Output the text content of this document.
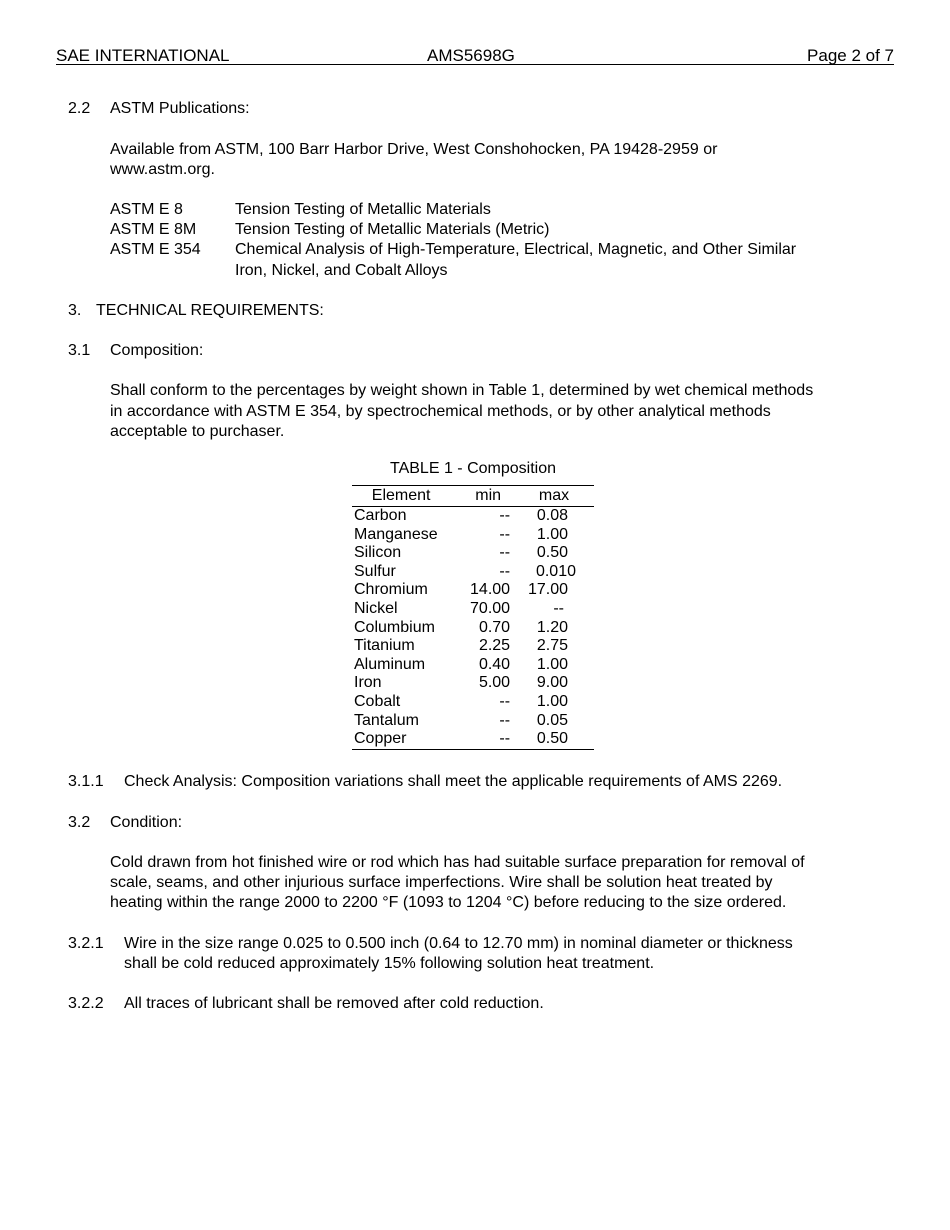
SAE INTERNATIONAL	AMS5698G	Page 2 of 7
2.2 ASTM Publications:
Available from ASTM, 100 Barr Harbor Drive, West Conshohocken, PA 19428-2959 or
www.astm.org.
ASTM E 8	Tension Testing of Metallic Materials
ASTM E 8M Tension Testing of Metallic Materials (Metric)
ASTM E 354 Chemical Analysis of High-Temperature, Electrical, Magnetic, and Other Similar
Iron, Nickel, and Cobalt Alloys
3. TECHNICAL REQUIREMENTS:
3.1 Composition:
Shall conform to the percentages by weight shown in Table 1, determined by wet chemical methods
in accordance with ASTM E 354, by spectrochemical methods, or by other analytical methods
acceptable to purchaser.
TABLE 1 - Composition
Element	min	max
Carbon	--	0.08
Manganese	--	1.00
Silicon	--	0.50
Sulfur	--	0.010
Chromium	14.00	17.00
Nickel	70.00	--
Columbium	0.70	1.20
Titanium	2.25	2.75
Aluminum	0.40	1.00
Iron	5.00	9.00
Cobalt	--	1.00
Tantalum	--	0.05
Copper	--	0.50
3.1.1 Check Analysis: Composition variations shall meet the applicable requirements of AMS 2269.
3.2 Condition:
Cold drawn from hot finished wire or rod which has had suitable surface preparation for removal of
scale, seams, and other injurious surface imperfections. Wire shall be solution heat treated by
heating within the range 2000 to 2200 °F (1093 to 1204 °C) before reducing to the size ordered.
3.2.1 Wire in the size range 0.025 to 0.500 inch (0.64 to 12.70 mm) in nominal diameter or thickness
shall be cold reduced approximately 15% following solution heat treatment.
3.2.2 All traces of lubricant shall be removed after cold reduction.
